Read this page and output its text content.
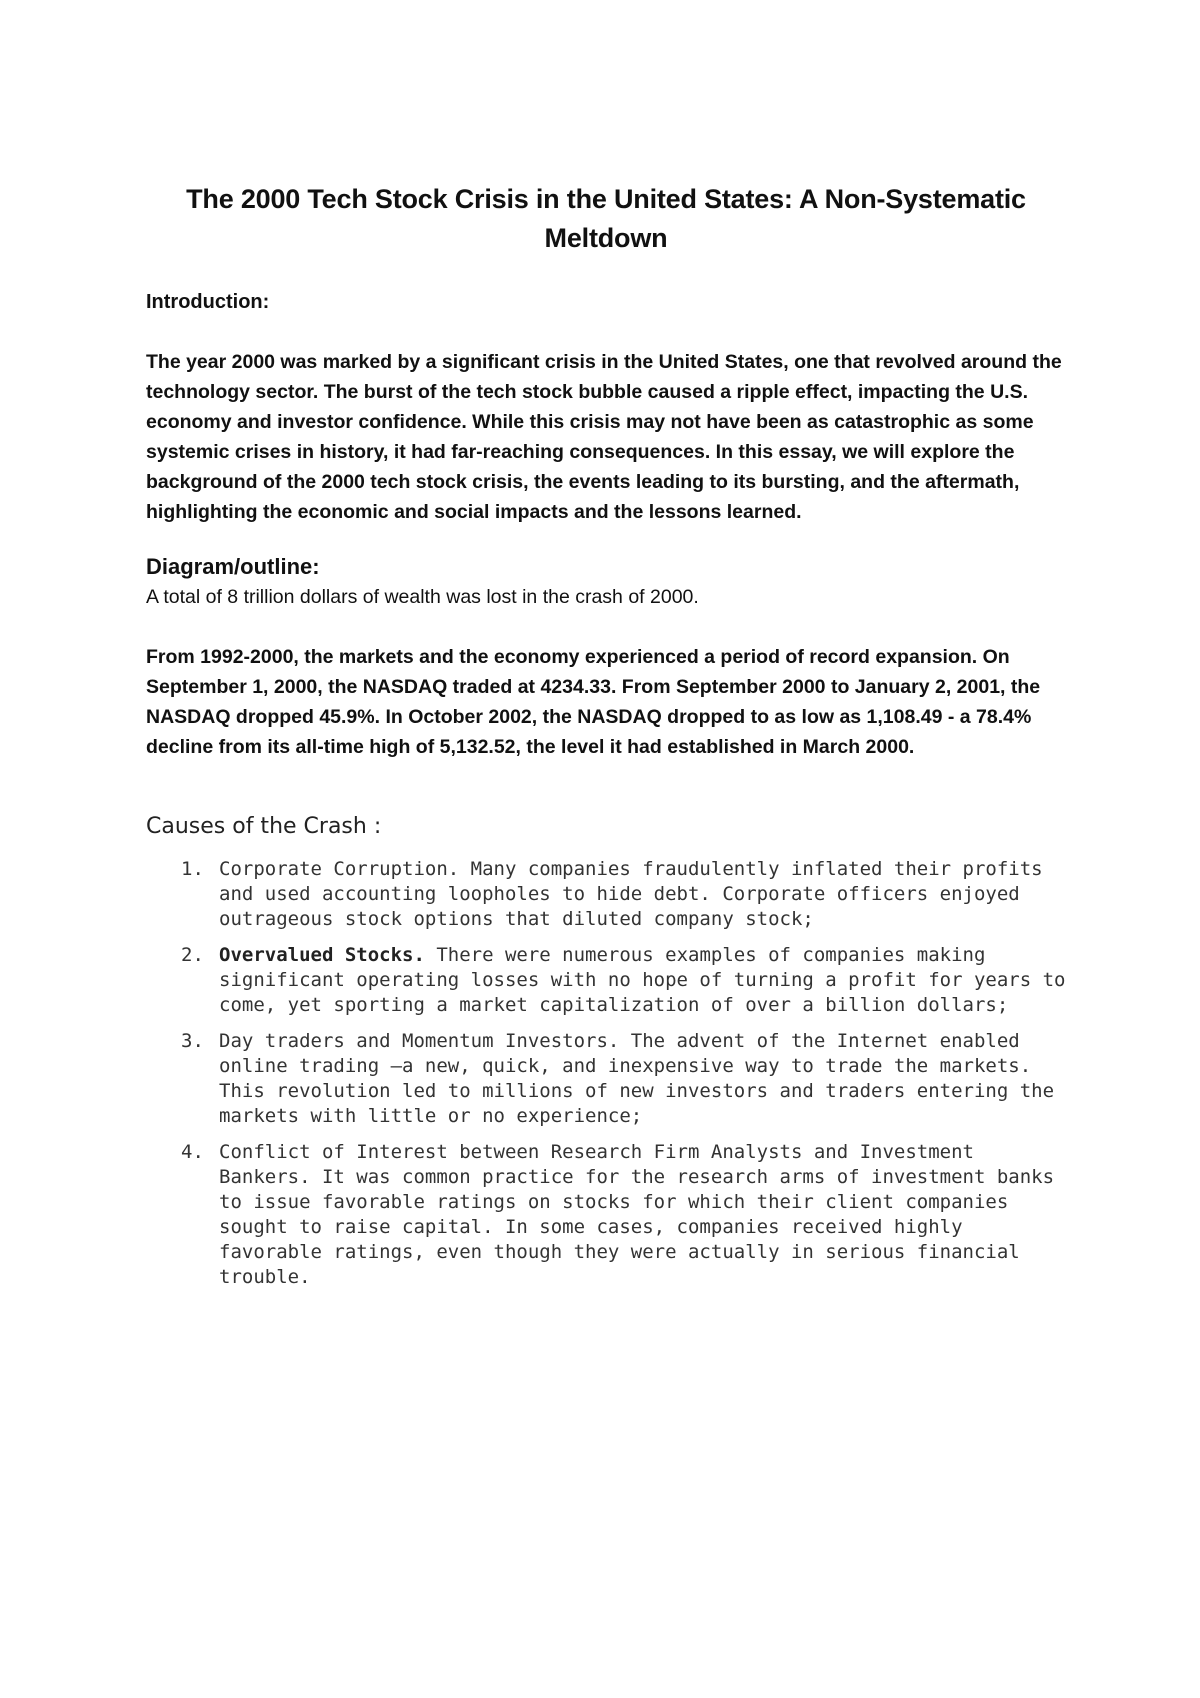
The 2000 Tech Stock Crisis in the United States: A Non-Systematic Meltdown
Introduction:

The year 2000 was marked by a significant crisis in the United States, one that revolved around the technology sector. The burst of the tech stock bubble caused a ripple effect, impacting the U.S. economy and investor confidence. While this crisis may not have been as catastrophic as some systemic crises in history, it had far-reaching consequences. In this essay, we will explore the background of the 2000 tech stock crisis, the events leading to its bursting, and the aftermath, highlighting the economic and social impacts and the lessons learned.

Diagram/outline:

A total of 8 trillion dollars of wealth was lost in the crash of 2000.

From 1992-2000, the markets and the economy experienced a period of record expansion. On September 1, 2000, the NASDAQ traded at 4234.33. From September 2000 to January 2, 2001, the NASDAQ dropped 45.9%. In October 2002, the NASDAQ dropped to as low as 1,108.49 - a 78.4% decline from its all-time high of 5,132.52, the level it had established in March 2000.

Causes of the Crash :
1. Corporate Corruption. Many companies fraudulently inflated their profits and used accounting loopholes to hide debt. Corporate officers enjoyed outrageous stock options that diluted company stock;
2. Overvalued Stocks. There were numerous examples of companies making significant operating losses with no hope of turning a profit for years to come, yet sporting a market capitalization of over a billion dollars;
3. Day traders and Momentum Investors. The advent of the Internet enabled online trading –a new, quick, and inexpensive way to trade the markets. This revolution led to millions of new investors and traders entering the markets with little or no experience;
4. Conflict of Interest between Research Firm Analysts and Investment Bankers. It was common practice for the research arms of investment banks to issue favorable ratings on stocks for which their client companies sought to raise capital. In some cases, companies received highly favorable ratings, even though they were actually in serious financial trouble.
